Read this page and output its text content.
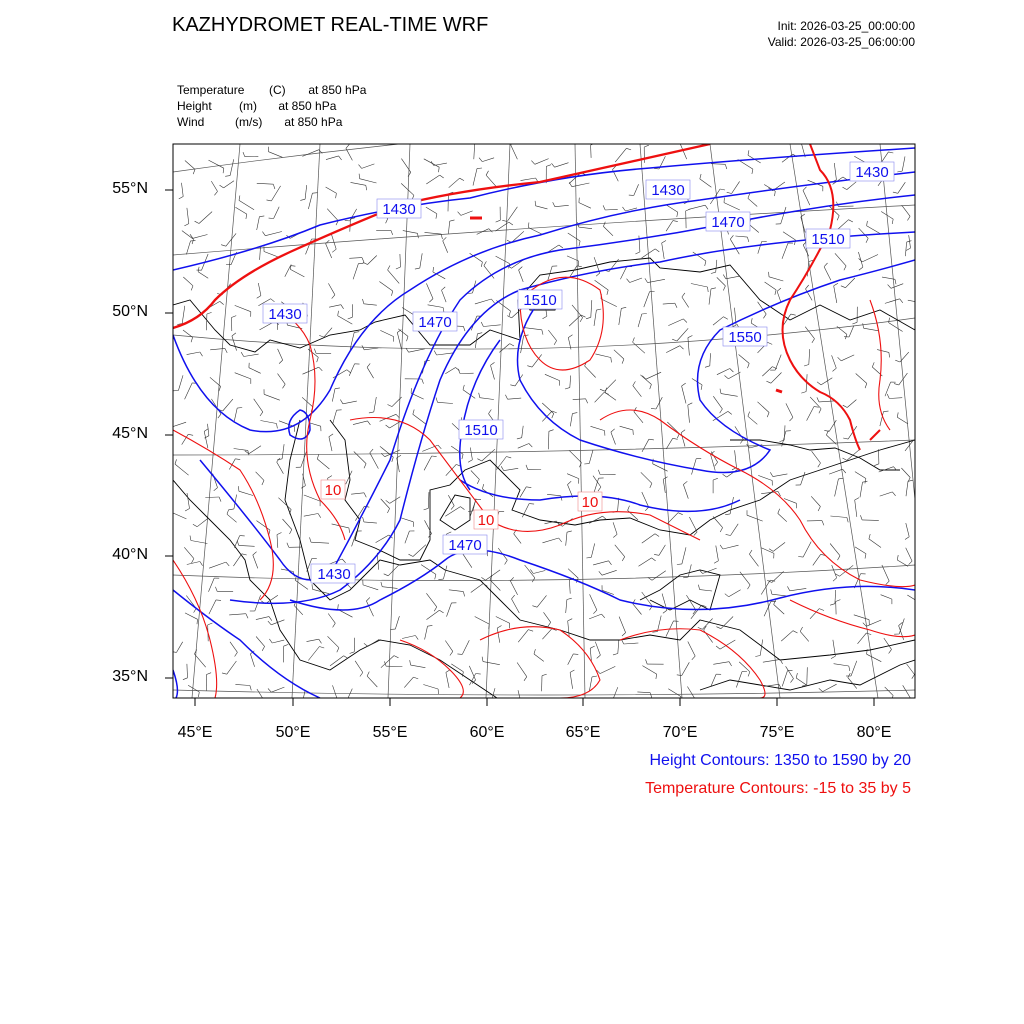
1430
1430
1430
1470
1510
1430
1470
1510
1550
1510
1470
1430
10
10
10
KAZHYDROMET REAL-TIME WRF	Init: 2026-03-25_00:00:00
Valid: 2026-03-25_06:00:00
Temperature (C) at 850 hPa
Height (m) at 850 hPa
Wind	(m/s) at 850 hPa
55°N
50°N
45°N
40°N
35°N
45°E	50°E	55°E	60°E	65°E	70°E	75°E	80°E
Height Contours: 1350 to 1590 by 20
Temperature Contours: -15 to 35 by 5
